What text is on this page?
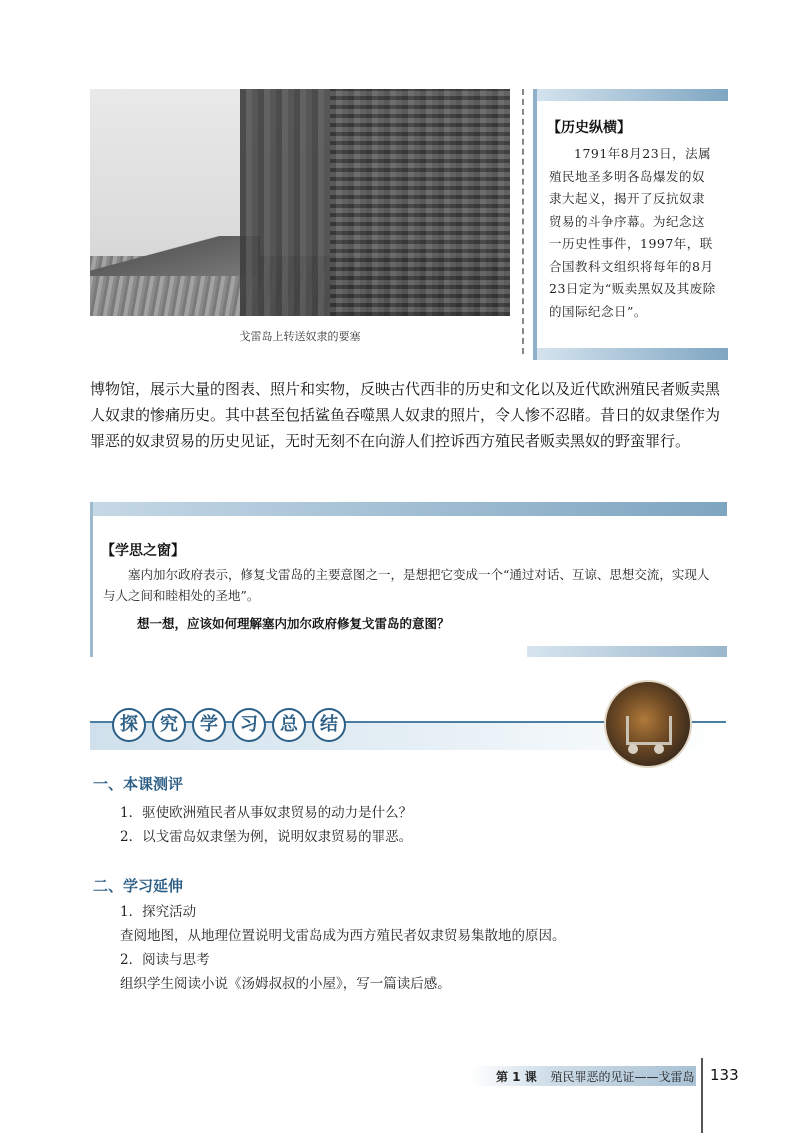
戈雷岛上转送奴隶的要塞
【历史纵横】
1791年8月23日，法属殖民地圣多明各岛爆发的奴隶大起义，揭开了反抗奴隶贸易的斗争序幕。为纪念这一历史性事件，1997年，联合国教科文组织将每年的8月23日定为“贩卖黑奴及其废除的国际纪念日”。
博物馆，展示大量的图表、照片和实物，反映古代西非的历史和文化以及近代欧洲殖民者贩卖黑人奴隶的惨痛历史。其中甚至包括鲨鱼吞噬黑人奴隶的照片，令人惨不忍睹。昔日的奴隶堡作为罪恶的奴隶贸易的历史见证，无时无刻不在向游人们控诉西方殖民者贩卖黑奴的野蛮罪行。
【学思之窗】
塞内加尔政府表示，修复戈雷岛的主要意图之一，是想把它变成一个“通过对话、互谅、思想交流，实现人与人之间和睦相处的圣地”。
想一想，应该如何理解塞内加尔政府修复戈雷岛的意图？
探	究	学	习	总	结
一、本课测评
1．驱使欧洲殖民者从事奴隶贸易的动力是什么？
2．以戈雷岛奴隶堡为例，说明奴隶贸易的罪恶。
二、学习延伸
1．探究活动
查阅地图，从地理位置说明戈雷岛成为西方殖民者奴隶贸易集散地的原因。
2．阅读与思考
组织学生阅读小说《汤姆叔叔的小屋》，写一篇读后感。
第 1 课 殖民罪恶的见证——戈雷岛 133
